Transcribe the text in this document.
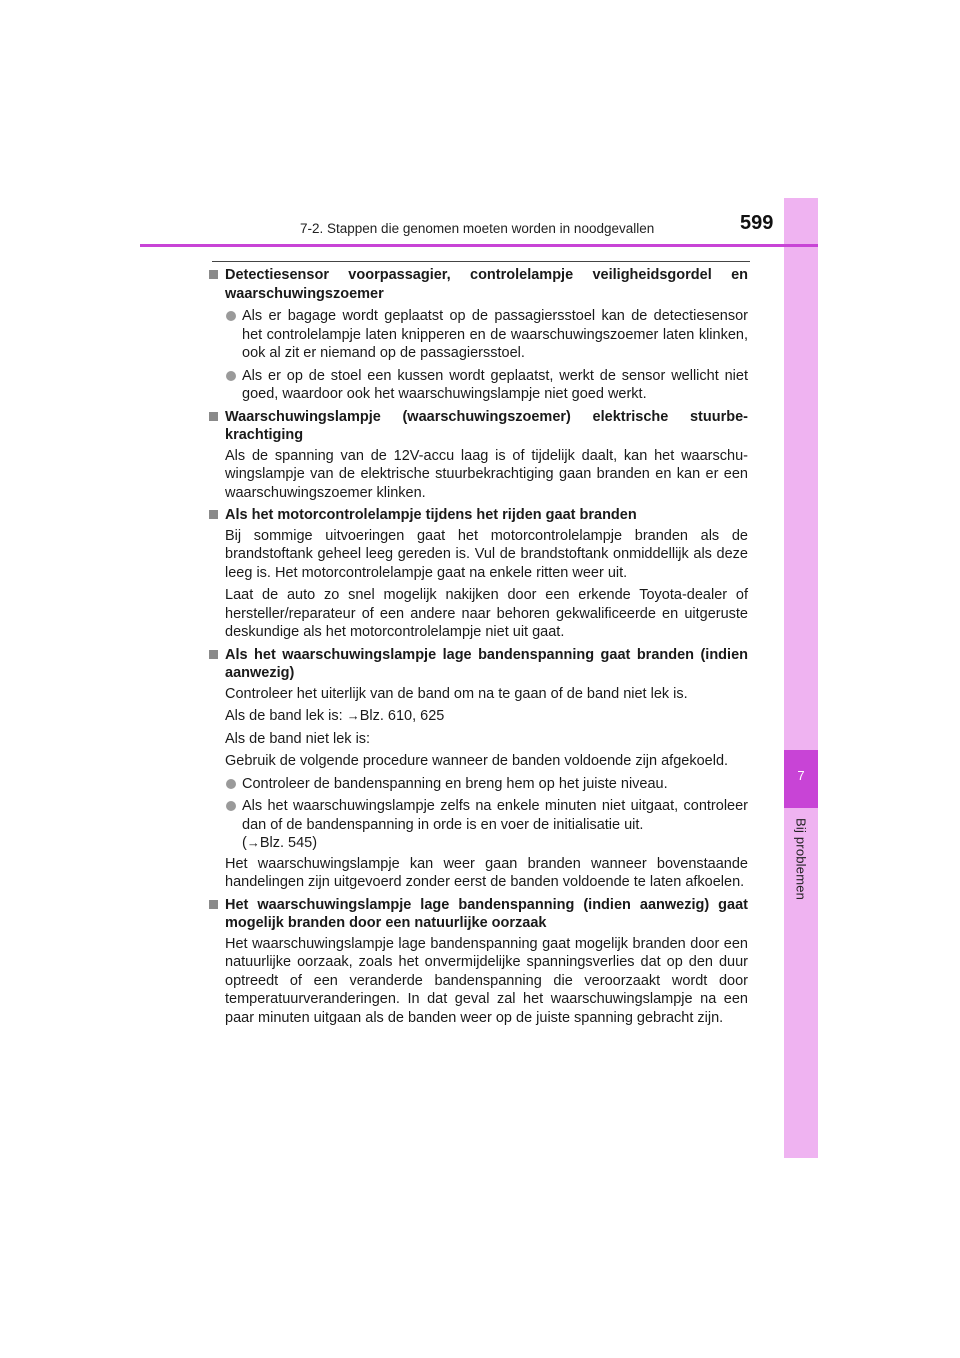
7
Bij problemen
7-2. Stappen die genomen moeten worden in noodgevallen	599
Detectiesensor voorpassagier, controlelampje veiligheidsgordel en waarschuwingszoemer
Als er bagage wordt geplaatst op de passagiersstoel kan de detectiesensor het controlelampje laten knipperen en de waarschuwingszoemer laten klinken, ook al zit er niemand op de passagiersstoel.
Als er op de stoel een kussen wordt geplaatst, werkt de sensor wellicht niet goed, waardoor ook het waarschuwingslampje niet goed werkt.
Waarschuwingslampje (waarschuwingszoemer) elektrische stuurbekrachtiging
Als de spanning van de 12V-accu laag is of tijdelijk daalt, kan het waarschuwingslampje van de elektrische stuurbekrachtiging gaan branden en kan er een waarschuwingszoemer klinken.
Als het motorcontrolelampje tijdens het rijden gaat branden
Bij sommige uitvoeringen gaat het motorcontrolelampje branden als de brandstoftank geheel leeg gereden is. Vul de brandstoftank onmiddellijk als deze leeg is. Het motorcontrolelampje gaat na enkele ritten weer uit.
Laat de auto zo snel mogelijk nakijken door een erkende Toyota-dealer of hersteller/reparateur of een andere naar behoren gekwalificeerde en uitgeruste deskundige als het motorcontrolelampje niet uit gaat.
Als het waarschuwingslampje lage bandenspanning gaat branden (indien aanwezig)
Controleer het uiterlijk van de band om na te gaan of de band niet lek is.
Als de band lek is: →Blz. 610, 625
Als de band niet lek is:
Gebruik de volgende procedure wanneer de banden voldoende zijn afgekoeld.
Controleer de bandenspanning en breng hem op het juiste niveau.
Als het waarschuwingslampje zelfs na enkele minuten niet uitgaat, controleer dan of de bandenspanning in orde is en voer de initialisatie uit.
(→Blz. 545)
Het waarschuwingslampje kan weer gaan branden wanneer bovenstaande handelingen zijn uitgevoerd zonder eerst de banden voldoende te laten afkoelen.
Het waarschuwingslampje lage bandenspanning (indien aanwezig) gaat mogelijk branden door een natuurlijke oorzaak
Het waarschuwingslampje lage bandenspanning gaat mogelijk branden door een natuurlijke oorzaak, zoals het onvermijdelijke spanningsverlies dat op den duur optreedt of een veranderde bandenspanning die veroorzaakt wordt door temperatuurveranderingen. In dat geval zal het waarschuwingslampje na een paar minuten uitgaan als de banden weer op de juiste spanning gebracht zijn.
